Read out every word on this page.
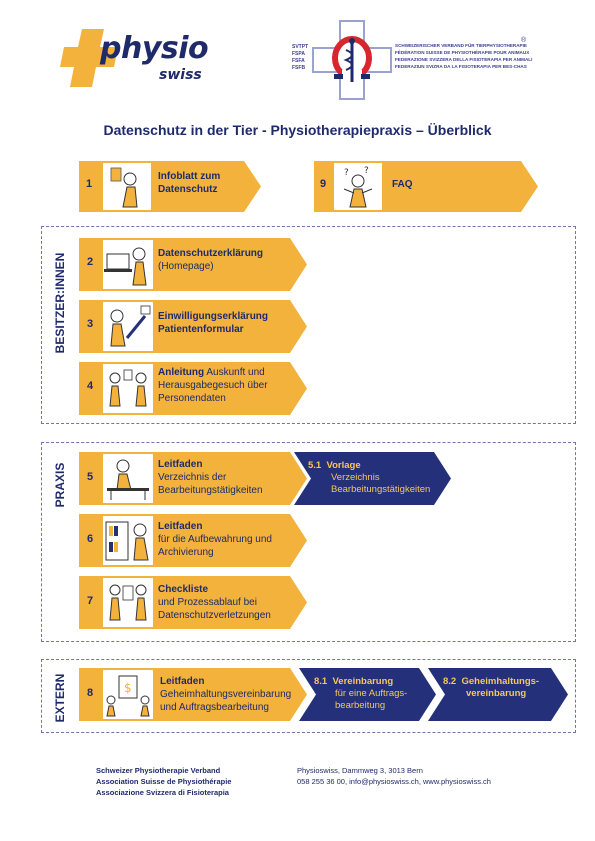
physio
swiss
SVTPT
FSPA
FSFA
FSFB
SCHWEIZERISCHER VERBAND FÜR TIERPHYSIOTHERAPIE
FÉDÉRATION SUISSE DE PHYSIOTHÉRAPIE POUR ANIMAUX
FEDERAZIONE SVIZZERA DELLA FISIOTERAPIA PER ANIMALI
FEDERAZIUN SVIZRA DA LA FISIOTERAPIA PER BES-CHAS
®
Datenschutz in der Tier - Physiotherapiepraxis – Überblick
1
Infoblatt zum
Datenschutz	9
? ?
FAQ
BESITZER:INNEN 2
Datenschutzerklärung
(Homepage)
3
Einwilligungserklärung
Patientenformular
4
Anleitung Auskunft und
Herausgabegesuch über
Personendaten
PRAXIS 5
Leitfaden
Verzeichnis der
Bearbeitungstätigkeiten
5.1 Vorlage
Verzeichnis
Bearbeitungstätigkeiten
6
Leitfaden
für die Aufbewahrung und
Archivierung
7
Checkliste
und Prozessablauf bei
Datenschutzverletzungen
EXTERN 8	$	Leitfaden
Geheimhaltungsvereinbarung
und Auftragsbearbeitung
8.1 Vereinbarung
für eine Auftrags-
bearbeitung
8.2 Geheimhaltungs-
vereinbarung
Schweizer Physiotherapie Verband
Association Suisse de Physiothérapie
Associazione Svizzera di Fisioterapia
Physioswiss, Dammweg 3, 3013 Bern
058 255 36 00, info@physioswiss.ch, www.physioswiss.ch
